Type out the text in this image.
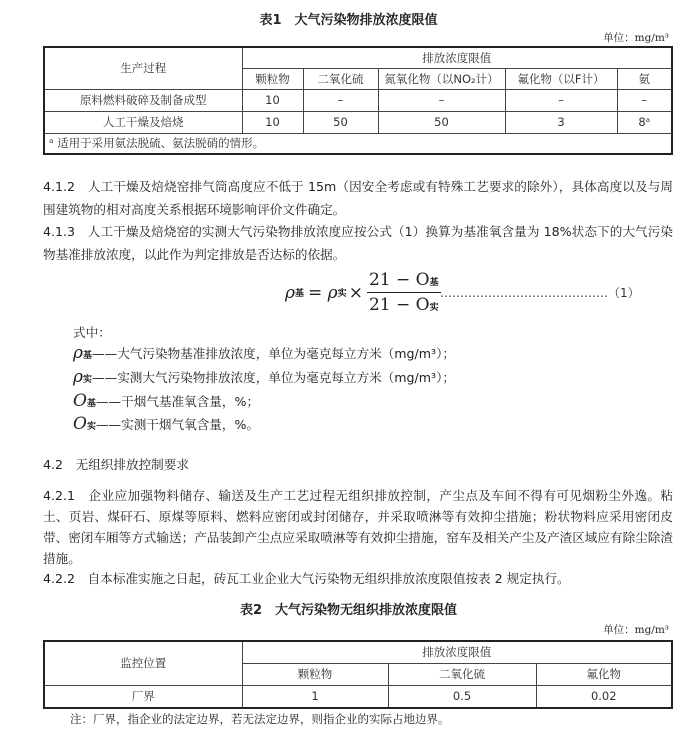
表1　大气污染物排放浓度限值
单位：mg/m³
生产过程	排放浓度限值				
	颗粒物	二氧化硫	氮氧化物（以NO₂计）	氟化物（以F计）	氨
原料燃料破碎及制备成型	10	–	–	–	–
人工干燥及焙烧	10	50	50	3	8ᵃ
ᵃ 适用于采用氨法脱硫、氨法脱硝的情形。					
4.1.2　人工干燥及焙烧窑排气筒高度应不低于 15m（因安全考虑或有特殊工艺要求的除外），具体高度以及与周围建筑物的相对高度关系根据环境影响评价文件确定。
4.1.3　人工干燥及焙烧窑的实测大气污染物排放浓度应按公式（1）换算为基准氧含量为 18%状态下的大气污染物基准排放浓度，以此作为判定排放是否达标的依据。
ρ 基 = ρ 实 × $\frac{\text{21 − O基}}{\text{21 − O实}}$ ……………………………………（1）
式中：
ρ 基 ——大气污染物基准排放浓度，单位为毫克每立方米（mg/m³）；
ρ 实 ——实测大气污染物排放浓度，单位为毫克每立方米（mg/m³）；
O 基 ——干烟气基准氧含量，%；
O 实 ——实测干烟气氧含量，%。
4.2　无组织排放控制要求
4.2.1　企业应加强物料储存、输送及生产工艺过程无组织排放控制，产尘点及车间不得有可见烟粉尘外逸。粘土、页岩、煤矸石、原煤等原料、燃料应密闭或封闭储存，并采取喷淋等有效抑尘措施；粉状物料应采用密闭皮带、密闭车厢等方式输送；产品装卸产尘点应采取喷淋等有效抑尘措施，窑车及相关产尘及产渣区域应有除尘除渣措施。
4.2.2　自本标准实施之日起，砖瓦工业企业大气污染物无组织排放浓度限值按表 2 规定执行。
表2　大气污染物无组织排放浓度限值
单位：mg/m³
监控位置	排放浓度限值		
	颗粒物	二氧化硫	氟化物
厂界	1	0.5	0.02
注：厂界，指企业的法定边界，若无法定边界，则指企业的实际占地边界。
